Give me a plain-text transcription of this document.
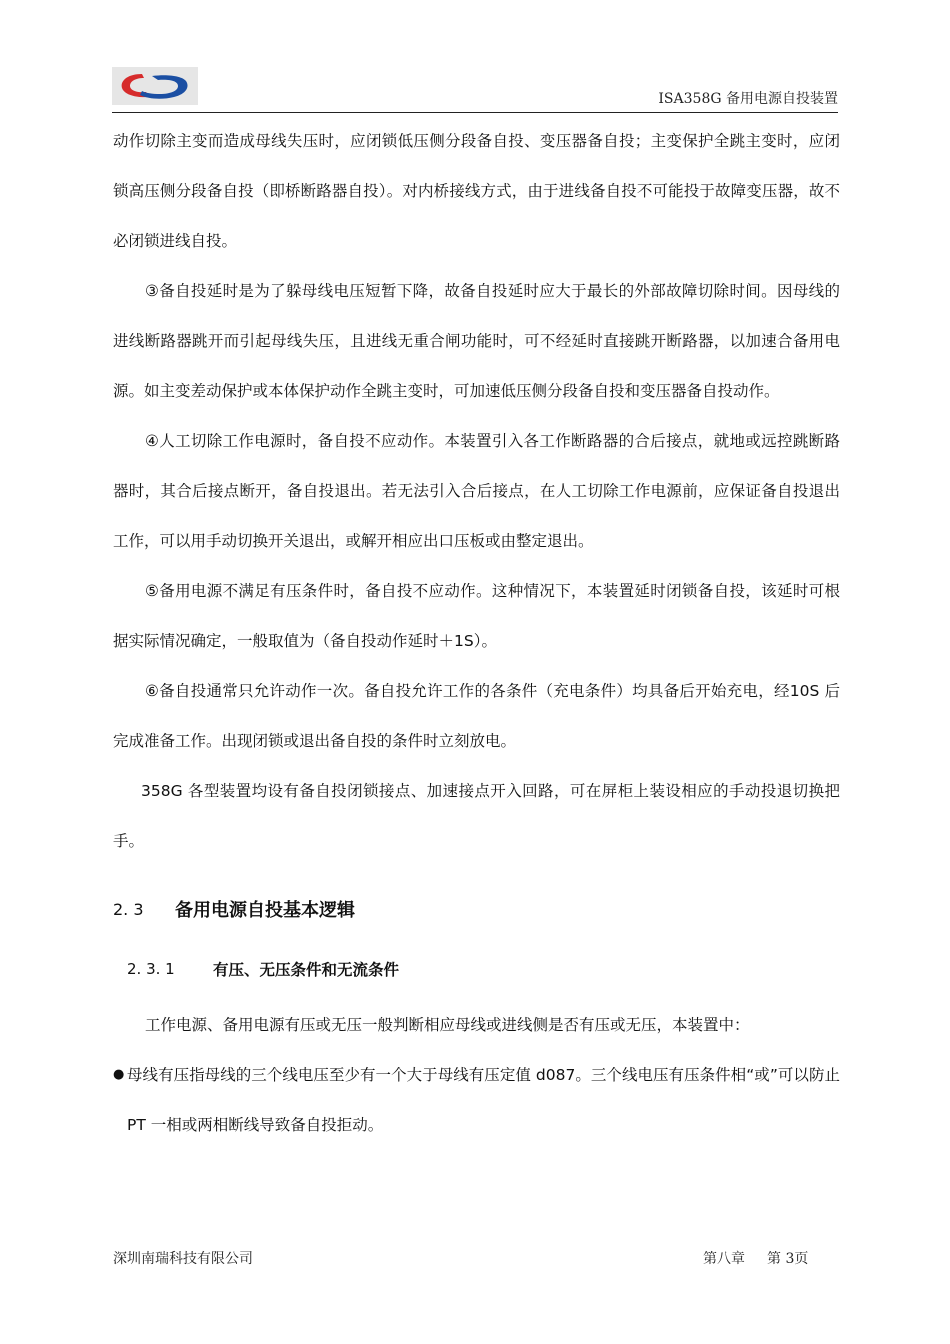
ISA358G 备用电源自投装置

动作切除主变而造成母线失压时，应闭锁低压侧分段备自投、变压器备自投；主变保护全跳主变时，应闭锁高压侧分段备自投（即桥断路器自投）。对内桥接线方式，由于进线备自投不可能投于故障变压器，故不必闭锁进线自投。

③备自投延时是为了躲母线电压短暂下降，故备自投延时应大于最长的外部故障切除时间。因母线的进线断路器跳开而引起母线失压，且进线无重合闸功能时，可不经延时直接跳开断路器，以加速合备用电源。如主变差动保护或本体保护动作全跳主变时，可加速低压侧分段备自投和变压器备自投动作。

④人工切除工作电源时，备自投不应动作。本装置引入各工作断路器的合后接点，就地或远控跳断路器时，其合后接点断开，备自投退出。若无法引入合后接点，在人工切除工作电源前，应保证备自投退出工作，可以用手动切换开关退出，或解开相应出口压板或由整定退出。

⑤备用电源不满足有压条件时，备自投不应动作。这种情况下，本装置延时闭锁备自投，该延时可根据实际情况确定，一般取值为（备自投动作延时＋1S）。

⑥备自投通常只允许动作一次。备自投允许工作的各条件（充电条件）均具备后开始充电，经10S 后完成准备工作。出现闭锁或退出备自投的条件时立刻放电。

358G 各型装置均设有备自投闭锁接点、加速接点开入回路，可在屏柜上装设相应的手动投退切换把手。

2. 3	备用电源自投基本逻辑
2. 3. 1	有压、无压条件和无流条件

工作电源、备用电源有压或无压一般判断相应母线或进线侧是否有压或无压，本装置中：

● 母线有压指母线的三个线电压至少有一个大于母线有压定值 d087。三个线电压有压条件相“或”可以防止 PT 一相或两相断线导致备自投拒动。

深圳南瑞科技有限公司	第八章 第 3页
